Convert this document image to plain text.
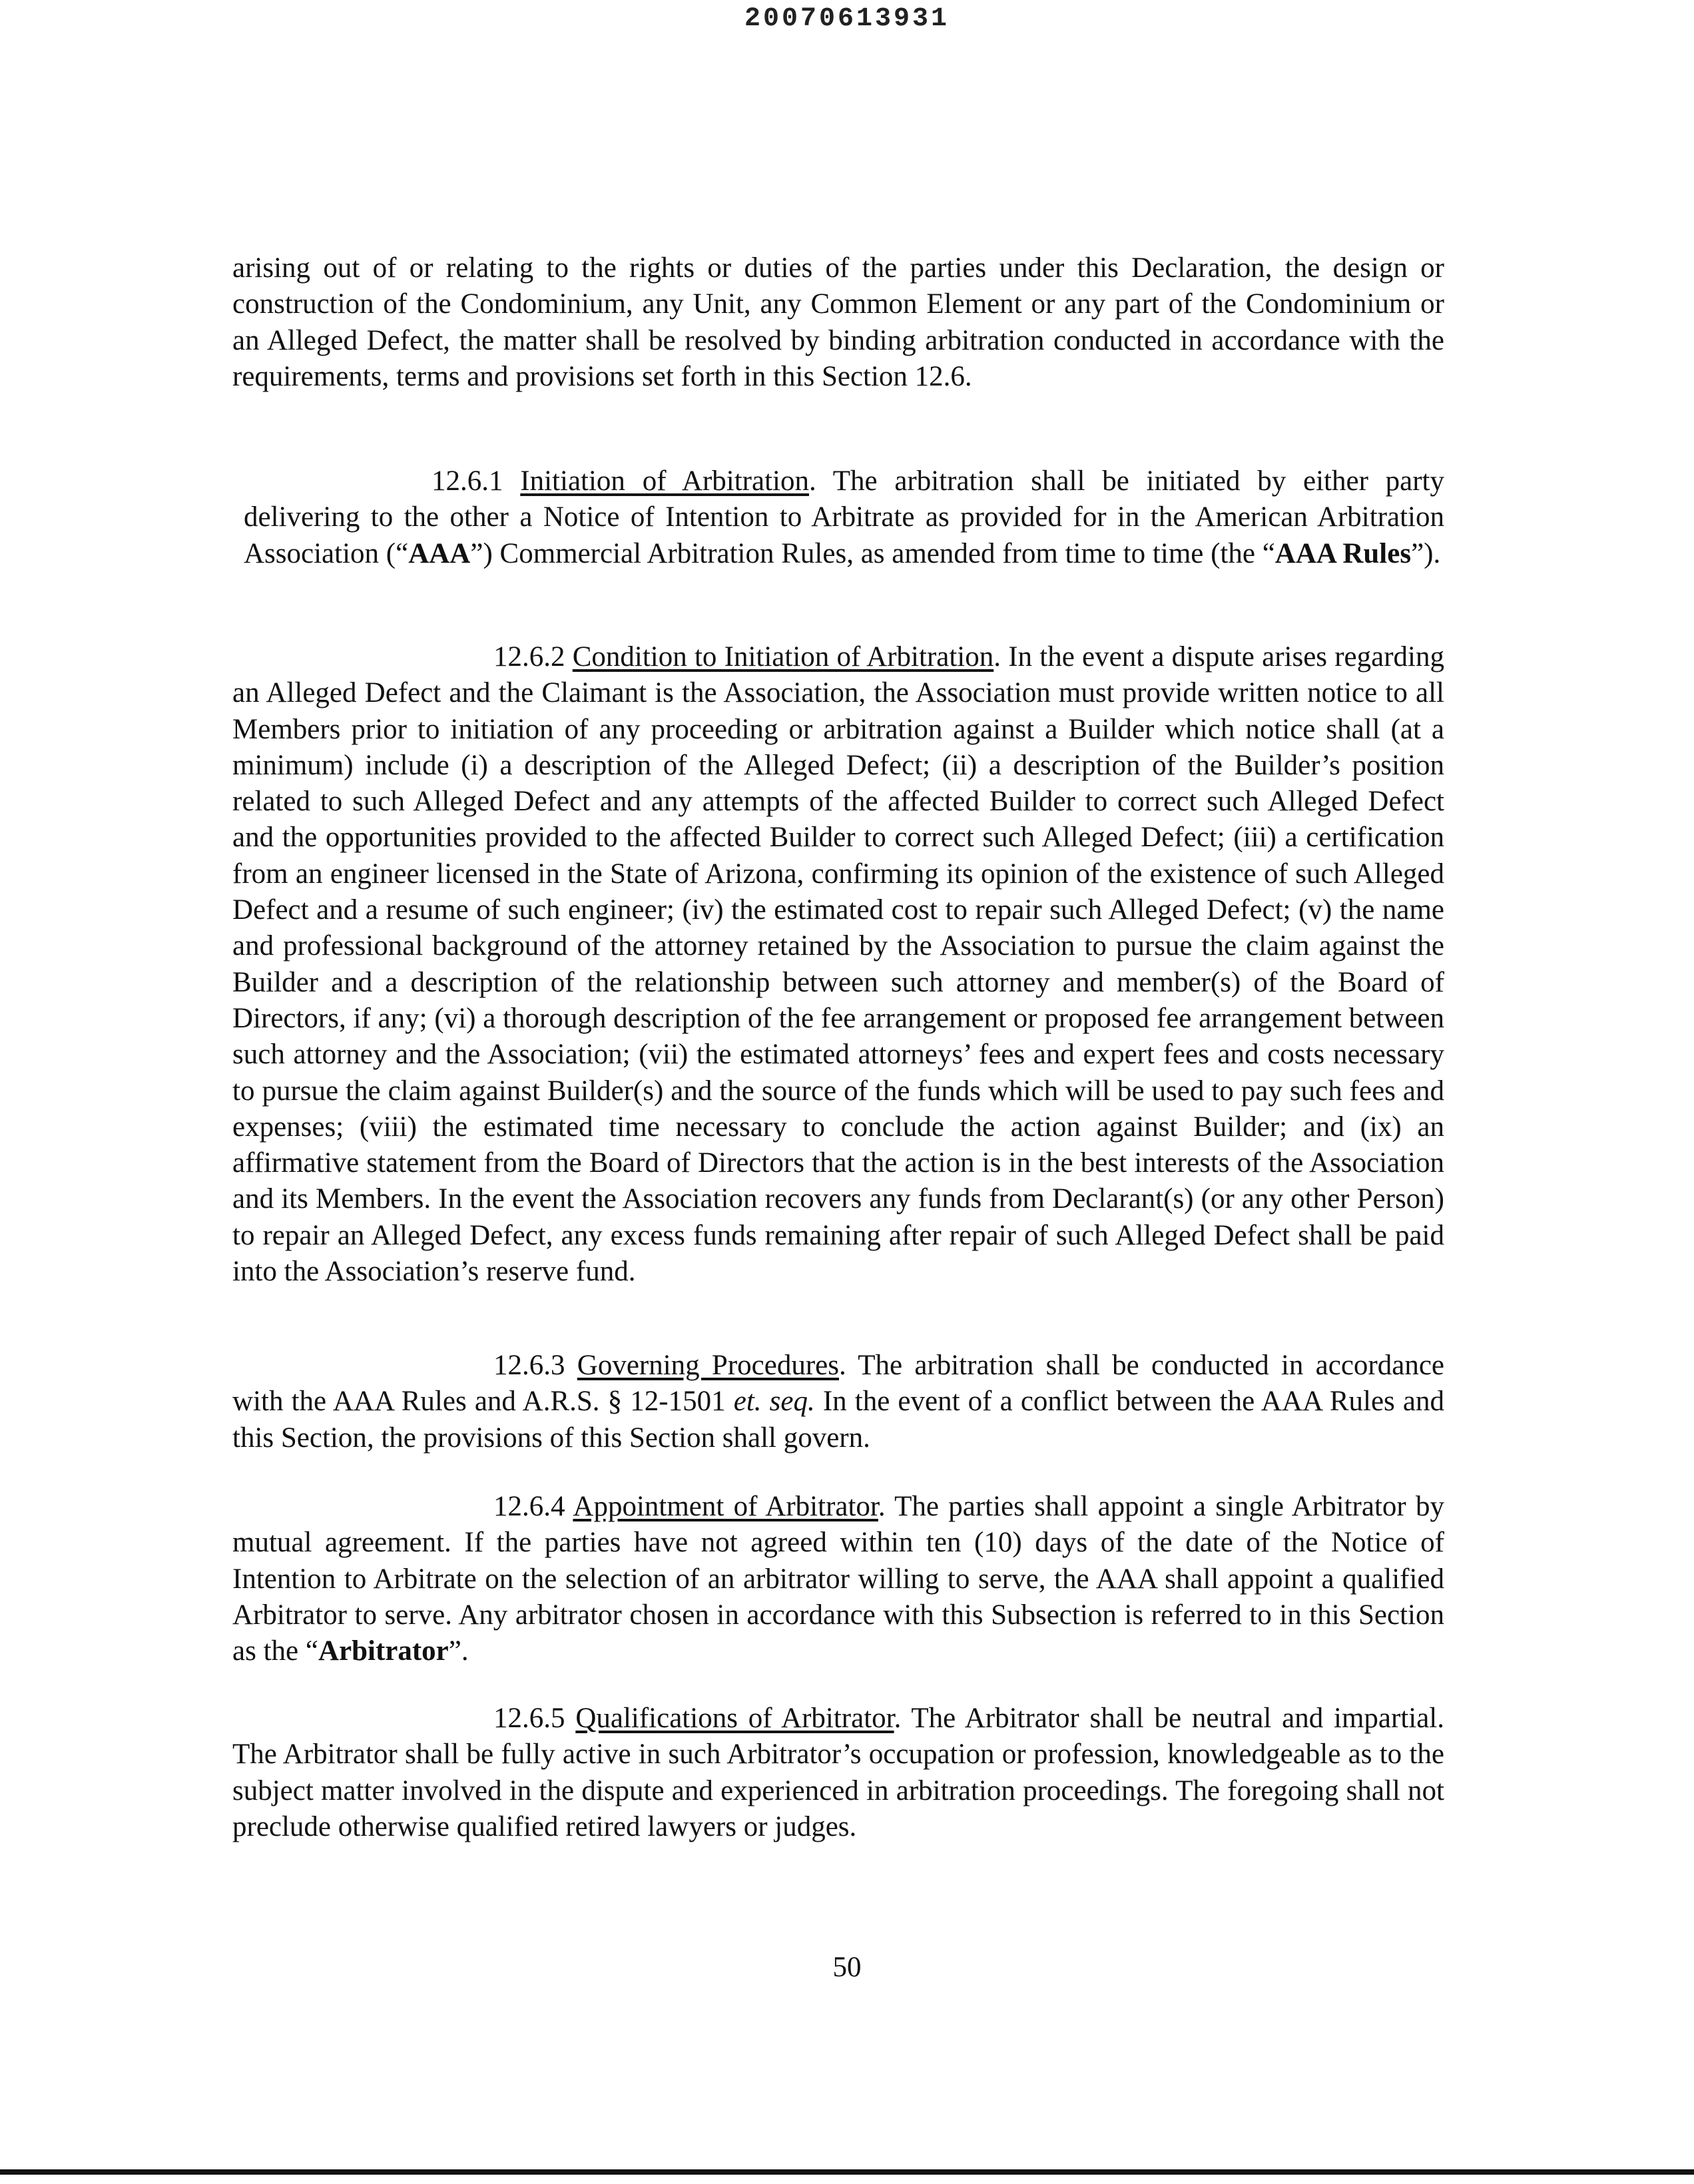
20070613931

arising out of or relating to the rights or duties of the parties under this Declaration, the design or construction of the Condominium, any Unit, any Common Element or any part of the Condominium or an Alleged Defect, the matter shall be resolved by binding arbitration conducted in accordance with the requirements, terms and provisions set forth in this Section 12.6.

12.6.1 Initiation of Arbitration. The arbitration shall be initiated by either party delivering to the other a Notice of Intention to Arbitrate as provided for in the American Arbitration Association (“AAA”) Commercial Arbitration Rules, as amended from time to time (the “AAA Rules”).

12.6.2 Condition to Initiation of Arbitration. In the event a dispute arises regarding an Alleged Defect and the Claimant is the Association, the Association must provide written notice to all Members prior to initiation of any proceeding or arbitration against a Builder which notice shall (at a minimum) include (i) a description of the Alleged Defect; (ii) a description of the Builder’s position related to such Alleged Defect and any attempts of the affected Builder to correct such Alleged Defect and the opportunities provided to the affected Builder to correct such Alleged Defect; (iii) a certification from an engineer licensed in the State of Arizona, confirming its opinion of the existence of such Alleged Defect and a resume of such engineer; (iv) the estimated cost to repair such Alleged Defect; (v) the name and professional background of the attorney retained by the Association to pursue the claim against the Builder and a description of the relationship between such attorney and member(s) of the Board of Directors, if any; (vi) a thorough description of the fee arrangement or proposed fee arrangement between such attorney and the Association; (vii) the estimated attorneys’ fees and expert fees and costs necessary to pursue the claim against Builder(s) and the source of the funds which will be used to pay such fees and expenses; (viii) the estimated time necessary to conclude the action against Builder; and (ix) an affirmative statement from the Board of Directors that the action is in the best interests of the Association and its Members. In the event the Association recovers any funds from Declarant(s) (or any other Person) to repair an Alleged Defect, any excess funds remaining after repair of such Alleged Defect shall be paid into the Association’s reserve fund.

12.6.3 Governing Procedures. The arbitration shall be conducted in accordance with the AAA Rules and A.R.S. § 12-1501 et. seq. In the event of a conflict between the AAA Rules and this Section, the provisions of this Section shall govern.

12.6.4 Appointment of Arbitrator. The parties shall appoint a single Arbitrator by mutual agreement. If the parties have not agreed within ten (10) days of the date of the Notice of Intention to Arbitrate on the selection of an arbitrator willing to serve, the AAA shall appoint a qualified Arbitrator to serve. Any arbitrator chosen in accordance with this Subsection is referred to in this Section as the “Arbitrator”.

12.6.5 Qualifications of Arbitrator. The Arbitrator shall be neutral and impartial. The Arbitrator shall be fully active in such Arbitrator’s occupation or profession, knowledgeable as to the subject matter involved in the dispute and experienced in arbitration proceedings. The foregoing shall not preclude otherwise qualified retired lawyers or judges.

50
